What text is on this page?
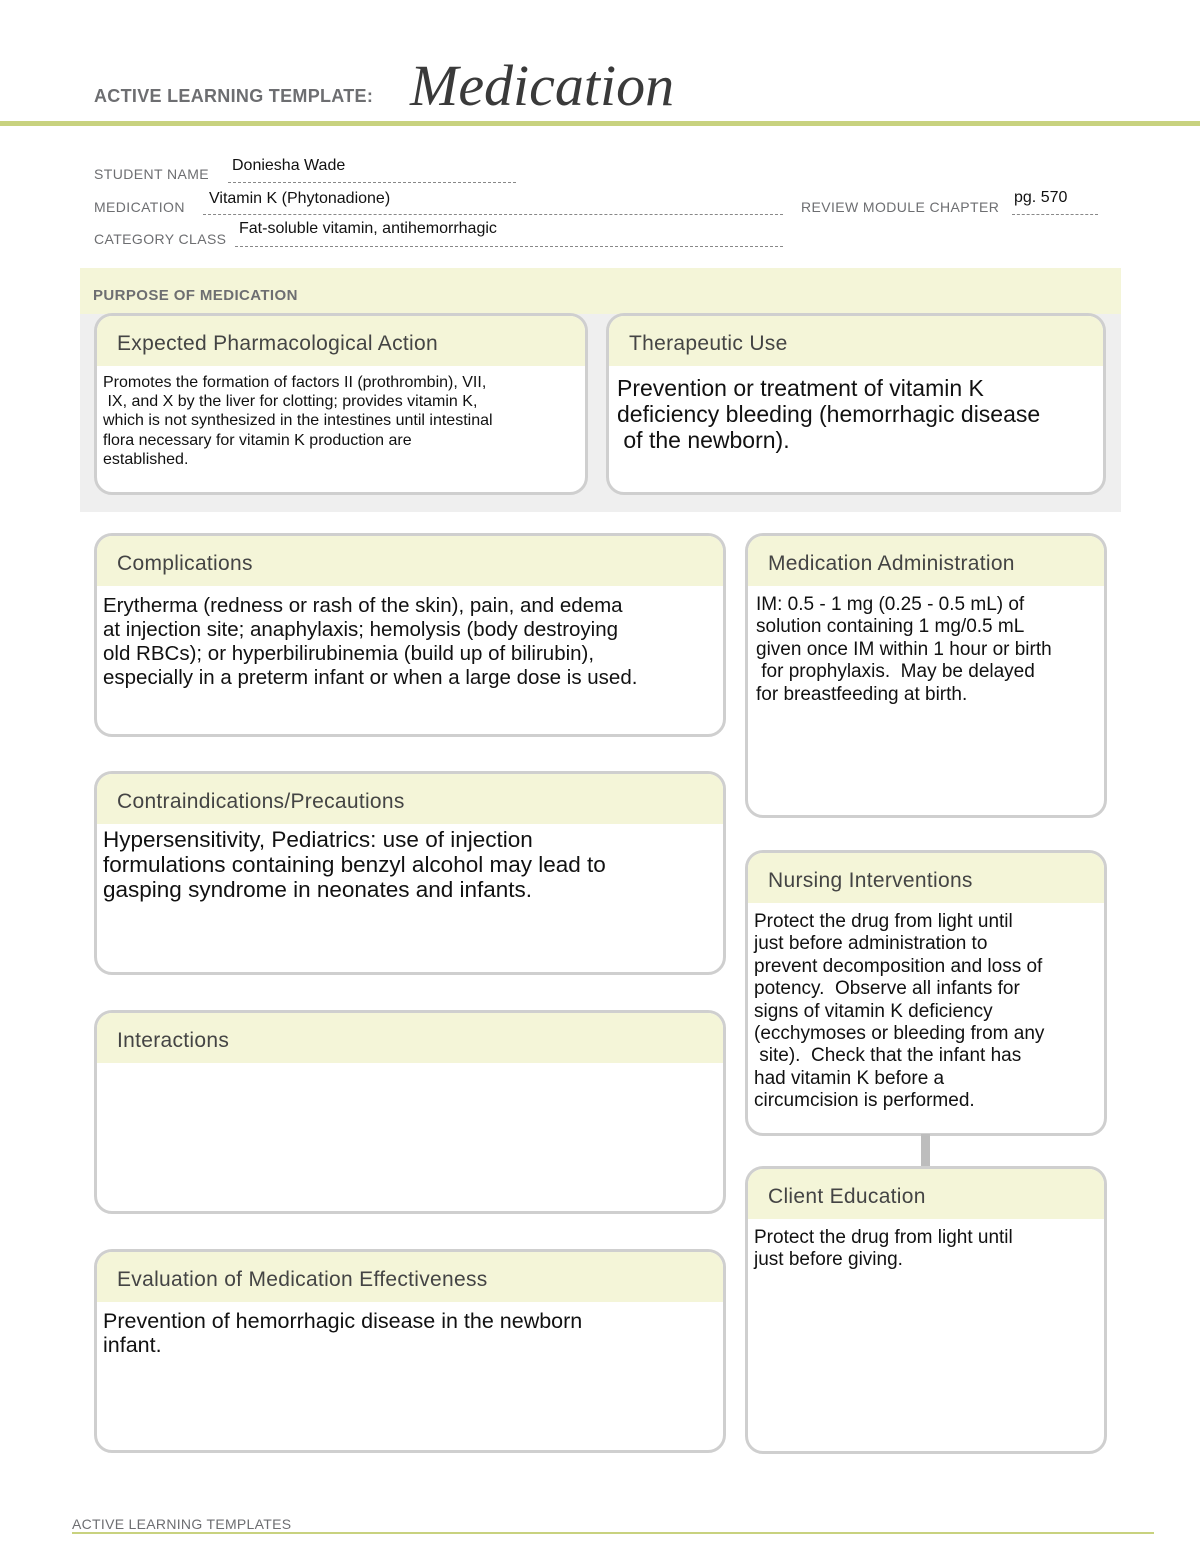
ACTIVE LEARNING TEMPLATE: Medication
STUDENT NAME Doniesha Wade
MEDICATION Vitamin K (Phytonadione)	REVIEW MODULE CHAPTER
pg. 570
CATEGORY CLASS
Fat-soluble vitamin, antihemorrhagic
PURPOSE OF MEDICATION
Expected Pharmacological Action
Promotes the formation of factors II (prothrombin), VII,
IX, and X by the liver for clotting; provides vitamin K,
which is not synthesized in the intestines until intestinal
flora necessary for vitamin K production are
established.
Therapeutic Use
Prevention or treatment of vitamin K
deficiency bleeding (hemorrhagic disease
of the newborn).
Complications
Erytherma (redness or rash of the skin), pain, and edema
at injection site; anaphylaxis; hemolysis (body destroying
old RBCs); or hyperbilirubinemia (build up of bilirubin),
especially in a preterm infant or when a large dose is used.
Contraindications/Precautions
Hypersensitivity, Pediatrics: use of injection
formulations containing benzyl alcohol may lead to
gasping syndrome in neonates and infants.
Interactions
Evaluation of Medication Effectiveness
Prevention of hemorrhagic disease in the newborn
infant.
Medication Administration
IM: 0.5 - 1 mg (0.25 - 0.5 mL) of
solution containing 1 mg/0.5 mL
given once IM within 1 hour or birth
for prophylaxis.  May be delayed
for breastfeeding at birth.
Nursing Interventions
Protect the drug from light until
just before administration to
prevent decomposition and loss of
potency.  Observe all infants for
signs of vitamin K deficiency
(ecchymoses or bleeding from any
site).  Check that the infant has
had vitamin K before a
circumcision is performed.
Client Education
Protect the drug from light until
just before giving.
ACTIVE LEARNING TEMPLATES
